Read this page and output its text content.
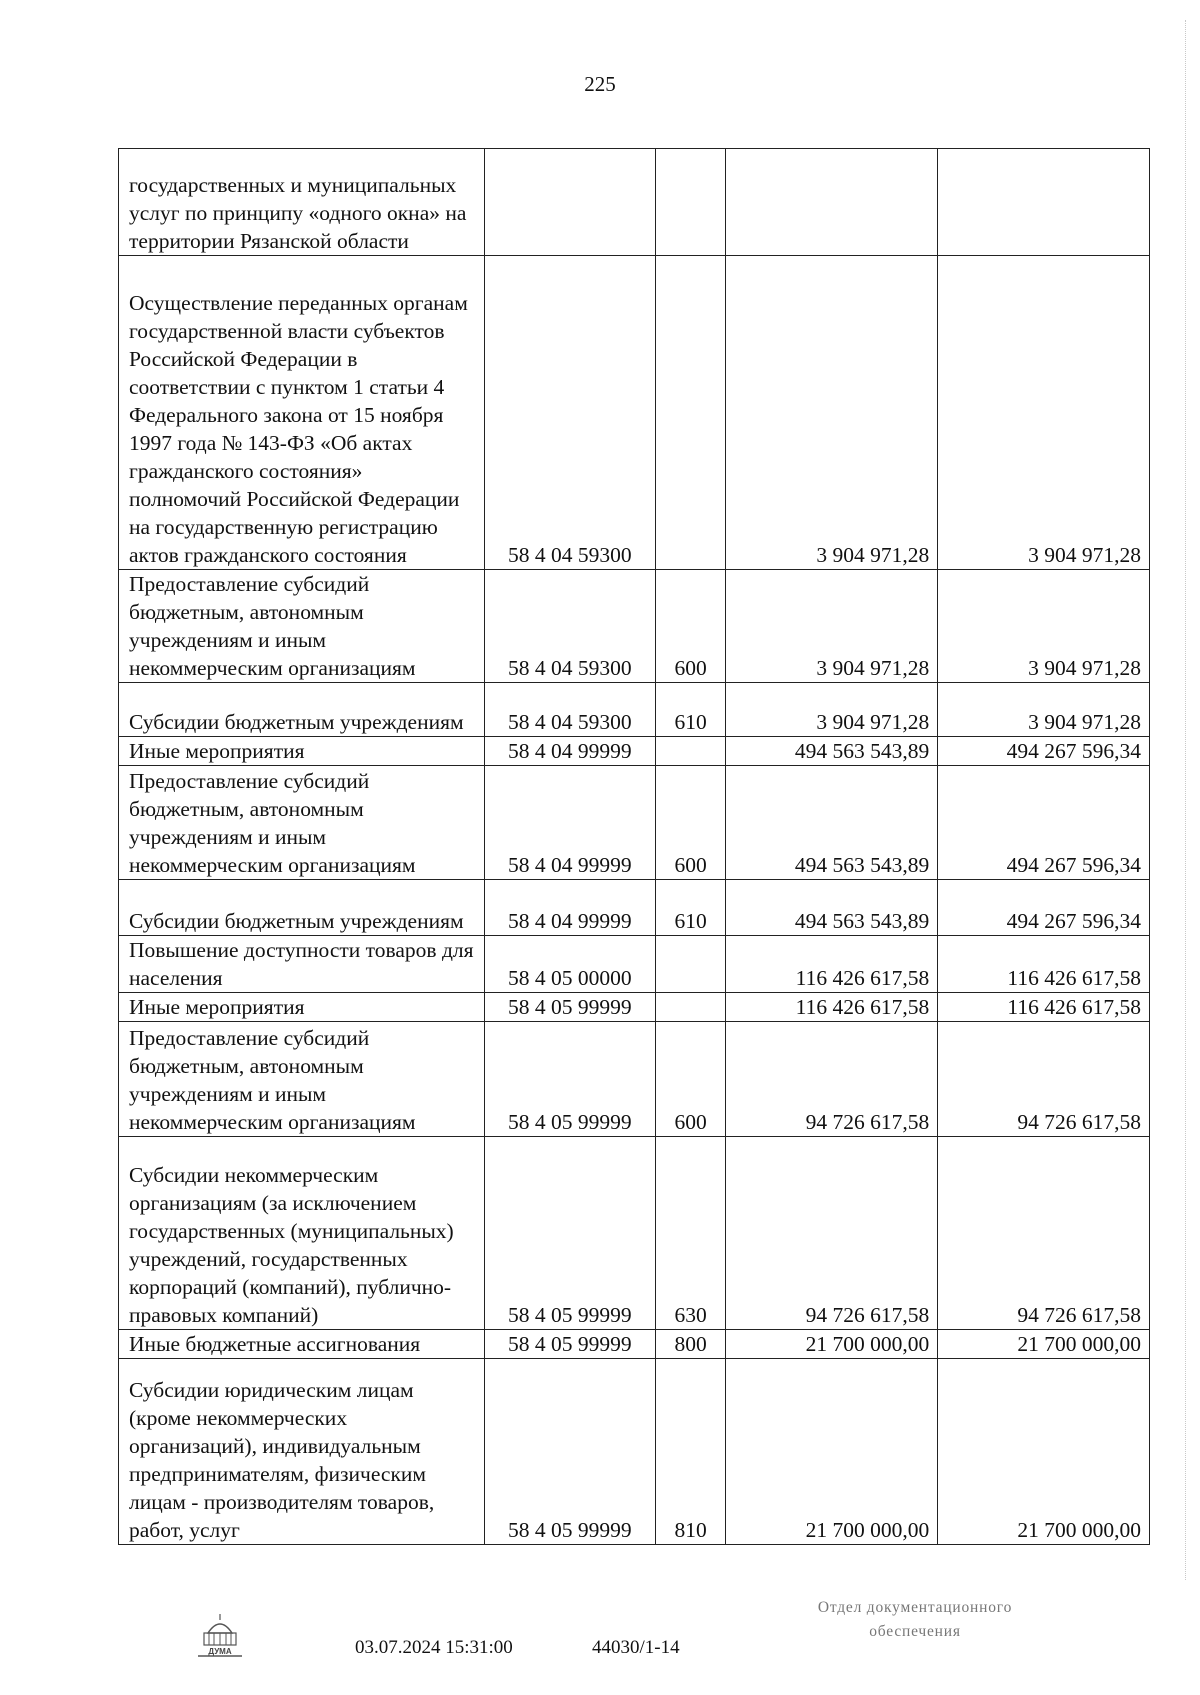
225
государственных и муниципальных услуг по принципу «одного окна» на территории Рязанской области				
Осуществление переданных органам государственной власти субъектов Российской Федерации в соответствии с пунктом 1 статьи 4 Федерального закона от 15 ноября 1997 года № 143-ФЗ «Об актах гражданского состояния» полномочий Российской Федерации на государственную регистрацию актов гражданского состояния	58 4 04 59300		3 904 971,28	3 904 971,28
Предоставление субсидий бюджетным, автономным учреждениям и иным некоммерческим организациям	58 4 04 59300	600	3 904 971,28	3 904 971,28
Субсидии бюджетным учреждениям	58 4 04 59300	610	3 904 971,28	3 904 971,28
Иные мероприятия	58 4 04 99999		494 563 543,89	494 267 596,34
Предоставление субсидий бюджетным, автономным учреждениям и иным некоммерческим организациям	58 4 04 99999	600	494 563 543,89	494 267 596,34
Субсидии бюджетным учреждениям	58 4 04 99999	610	494 563 543,89	494 267 596,34
Повышение доступности товаров для населения	58 4 05 00000		116 426 617,58	116 426 617,58
Иные мероприятия	58 4 05 99999		116 426 617,58	116 426 617,58
Предоставление субсидий бюджетным, автономным учреждениям и иным некоммерческим организациям	58 4 05 99999	600	94 726 617,58	94 726 617,58
Субсидии некоммерческим организациям (за исключением государственных (муниципальных) учреждений, государственных корпораций (компаний), публично-правовых компаний)	58 4 05 99999	630	94 726 617,58	94 726 617,58
Иные бюджетные ассигнования	58 4 05 99999	800	21 700 000,00	21 700 000,00
Субсидии юридическим лицам (кроме некоммерческих организаций), индивидуальным предпринимателям, физическим лицам - производителям товаров, работ, услуг	58 4 05 99999	810	21 700 000,00	21 700 000,00
ДУМА	03.07.2024 15:31:00	44030/1-14
Отдел документационного
обеспечения
